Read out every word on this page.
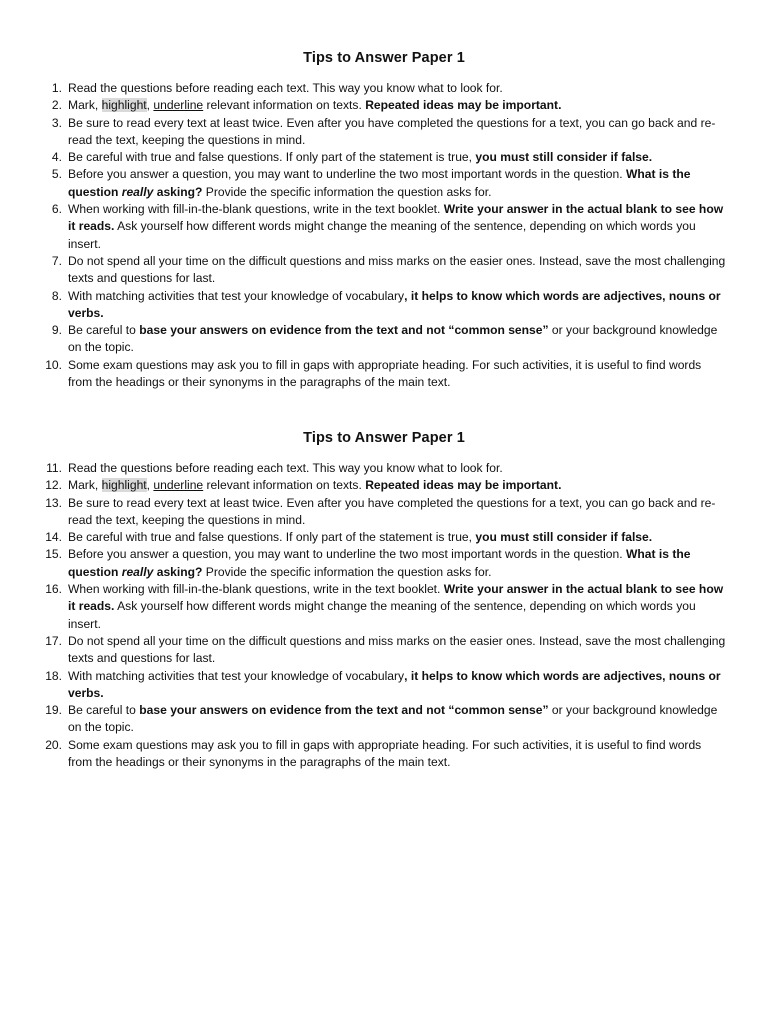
Tips to Answer Paper 1
1. Read the questions before reading each text. This way you know what to look for.
2. Mark, highlight, underline relevant information on texts. Repeated ideas may be important.
3. Be sure to read every text at least twice. Even after you have completed the questions for a text, you can go back and re-read the text, keeping the questions in mind.
4. Be careful with true and false questions. If only part of the statement is true, you must still consider if false.
5. Before you answer a question, you may want to underline the two most important words in the question. What is the question really asking? Provide the specific information the question asks for.
6. When working with fill-in-the-blank questions, write in the text booklet. Write your answer in the actual blank to see how it reads. Ask yourself how different words might change the meaning of the sentence, depending on which words you insert.
7. Do not spend all your time on the difficult questions and miss marks on the easier ones. Instead, save the most challenging texts and questions for last.
8. With matching activities that test your knowledge of vocabulary, it helps to know which words are adjectives, nouns or verbs.
9. Be careful to base your answers on evidence from the text and not “common sense” or your background knowledge on the topic.
10. Some exam questions may ask you to fill in gaps with appropriate heading. For such activities, it is useful to find words from the headings or their synonyms in the paragraphs of the main text.
Tips to Answer Paper 1
11. Read the questions before reading each text. This way you know what to look for.
12. Mark, highlight, underline relevant information on texts. Repeated ideas may be important.
13. Be sure to read every text at least twice. Even after you have completed the questions for a text, you can go back and re-read the text, keeping the questions in mind.
14. Be careful with true and false questions. If only part of the statement is true, you must still consider if false.
15. Before you answer a question, you may want to underline the two most important words in the question. What is the question really asking? Provide the specific information the question asks for.
16. When working with fill-in-the-blank questions, write in the text booklet. Write your answer in the actual blank to see how it reads. Ask yourself how different words might change the meaning of the sentence, depending on which words you insert.
17. Do not spend all your time on the difficult questions and miss marks on the easier ones. Instead, save the most challenging texts and questions for last.
18. With matching activities that test your knowledge of vocabulary, it helps to know which words are adjectives, nouns or verbs.
19. Be careful to base your answers on evidence from the text and not “common sense” or your background knowledge on the topic.
20. Some exam questions may ask you to fill in gaps with appropriate heading. For such activities, it is useful to find words from the headings or their synonyms in the paragraphs of the main text.
